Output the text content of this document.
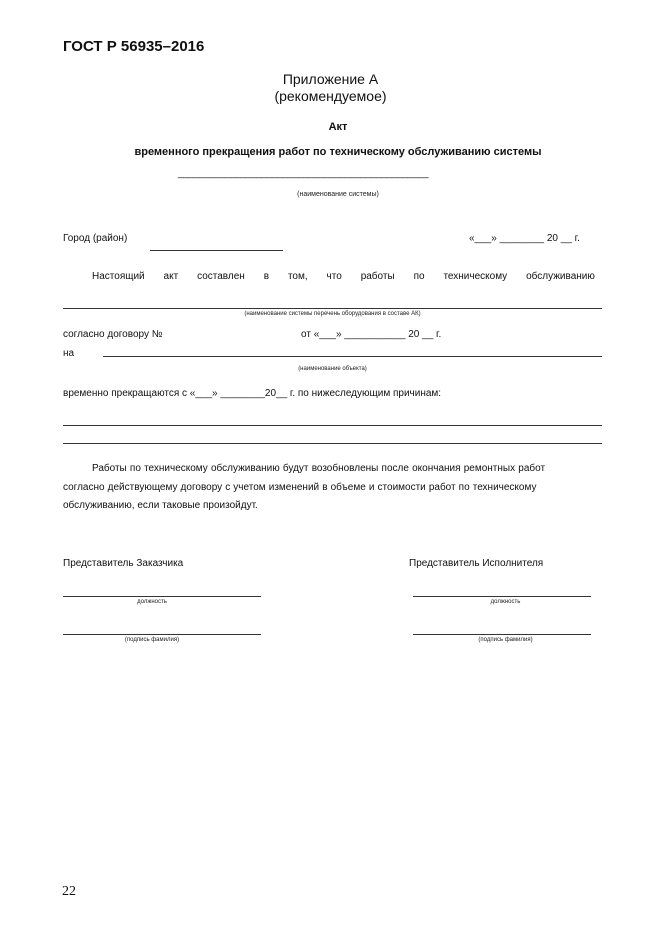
ГОСТ Р 56935–2016
Приложение А
(рекомендуемое)
Акт
временного прекращения работ по техническому обслуживанию системы
________________________________________________
(наименование системы)
Город (район)	«___» ________ 20 __ г.
Настоящий акт составлен в том, что работы по техническому обслуживанию
(наименование системы перечень оборудования в составе АК)
согласно договору №	от «___» ___________ 20 __ г.
на
(наименование объекта)
временно прекращаются с «___» ________20__ г. по нижеследующим причинам:
Работы по техническому обслуживанию будут возобновлены после окончания ремонтных работ
согласно действующему договору с учетом изменений в объеме и стоимости работ по техническому
обслуживанию, если таковые произойдут.
Представитель Заказчика
должность
(подпись фамилия)
Представитель Исполнителя
должность
(подпись фамилия)
22
